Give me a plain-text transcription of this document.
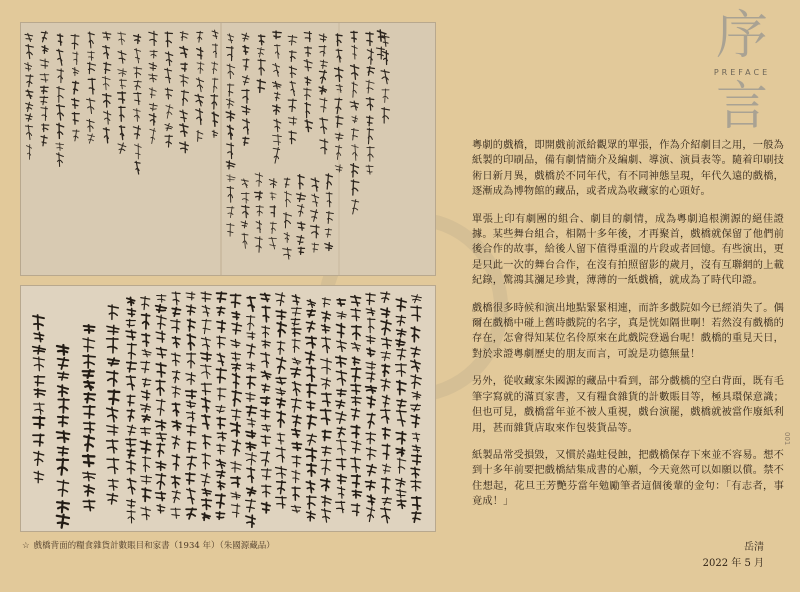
☆ 戲橋背面的糧食雜貨計數賬目和家書（1934 年）（朱國源藏品）
序
PREFACE
言

粵劇的戲橋，即開戲前派給觀眾的單張，作為介紹劇目之用，一般為紙製的印刷品，備有劇情簡介及編劇、導演、演員表等。隨着印刷技術日新月異，戲橋於不同年代，有不同神態呈現，年代久遠的戲橋，逐漸成為博物館的藏品，或者成為收藏家的心頭好。

單張上印有劇團的組合、劇目的劇情，成為粵劇追根溯源的絕佳證據。某些舞台組合，相隔十多年後，才再聚首，戲橋就保留了他們前後合作的故事，給後人留下值得重溫的片段或者回憶。有些演出，更是只此一次的舞台合作，在沒有拍照留影的歲月，沒有互聯網的上載紀錄，驚鴻其瀰足珍貴，薄薄的一紙戲橋，就成為了時代印證。

戲橋很多時候和演出地點緊緊相連，而許多戲院如今已經消失了。偶爾在戲橋中碰上舊時戲院的名字，真是恍如隔世啊！若然沒有戲橋的存在，怎會得知某位名伶原來在此戲院登過台呢！戲橋的重見天日，對於求證粵劇歷史的朋友而言，可說是功德無量！

另外，從收藏家朱國源的藏品中看到，部分戲橋的空白背面，既有毛筆字寫就的滿頁家書，又有糧食雜貨的計數賬目等，極具環保意識；但也可見，戲橋當年並不被人重視，戲台演罷，戲橋就被當作廢紙利用，甚而雜貨店取來作包裝貨品等。

紙製品常受損毀，又慣於蟲蛀侵蝕，把戲橋保存下來並不容易。想不到十多年前要把戲橋結集成書的心願，今天竟然可以如願以償。禁不住想起，花旦王芳艷芬當年勉勵筆者這個後輩的金句：「有志者，事竟成！」

岳清
2022 年 5 月
001
